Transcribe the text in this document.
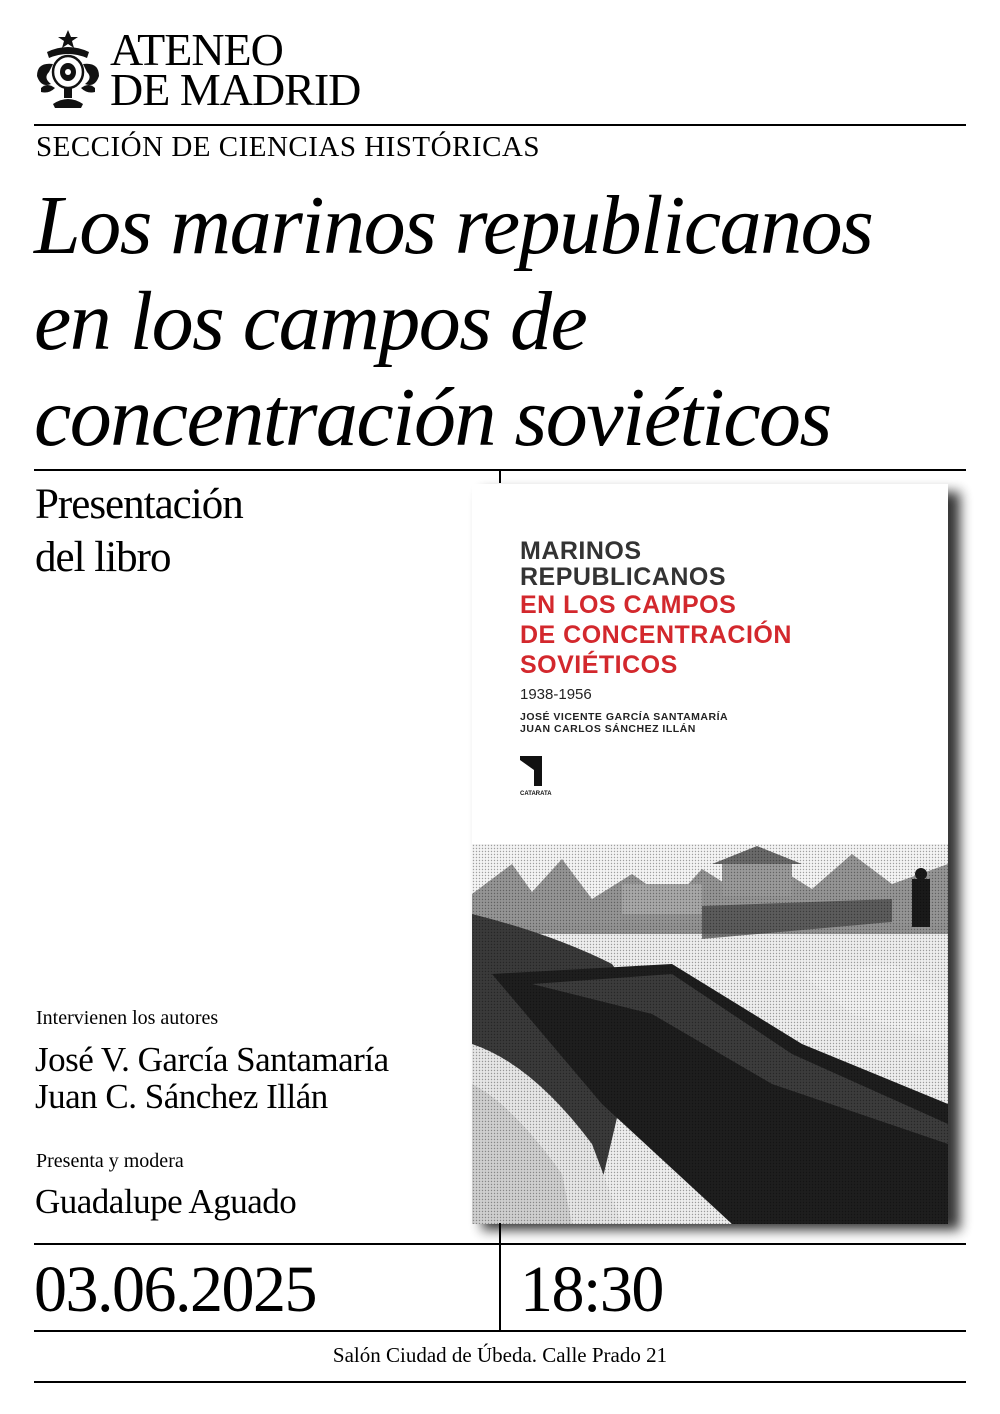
ATENEO
DE MADRID
SECCIÓN DE CIENCIAS HISTÓRICAS
Los marinos republicanos
en los campos de
concentración soviéticos
Presentación
del libro
Intervienen los autores
José V. García Santamaría
Juan C. Sánchez Illán
Presenta y modera
Guadalupe Aguado
MARINOS
REPUBLICANOS
EN LOS CAMPOS
DE CONCENTRACIÓN
SOVIÉTICOS
1938-1956
JOSÉ VICENTE GARCÍA SANTAMARÍA
JUAN CARLOS SÁNCHEZ ILLÁN
CATARATA
03.06.2025	18:30
Salón Ciudad de Úbeda. Calle Prado 21
